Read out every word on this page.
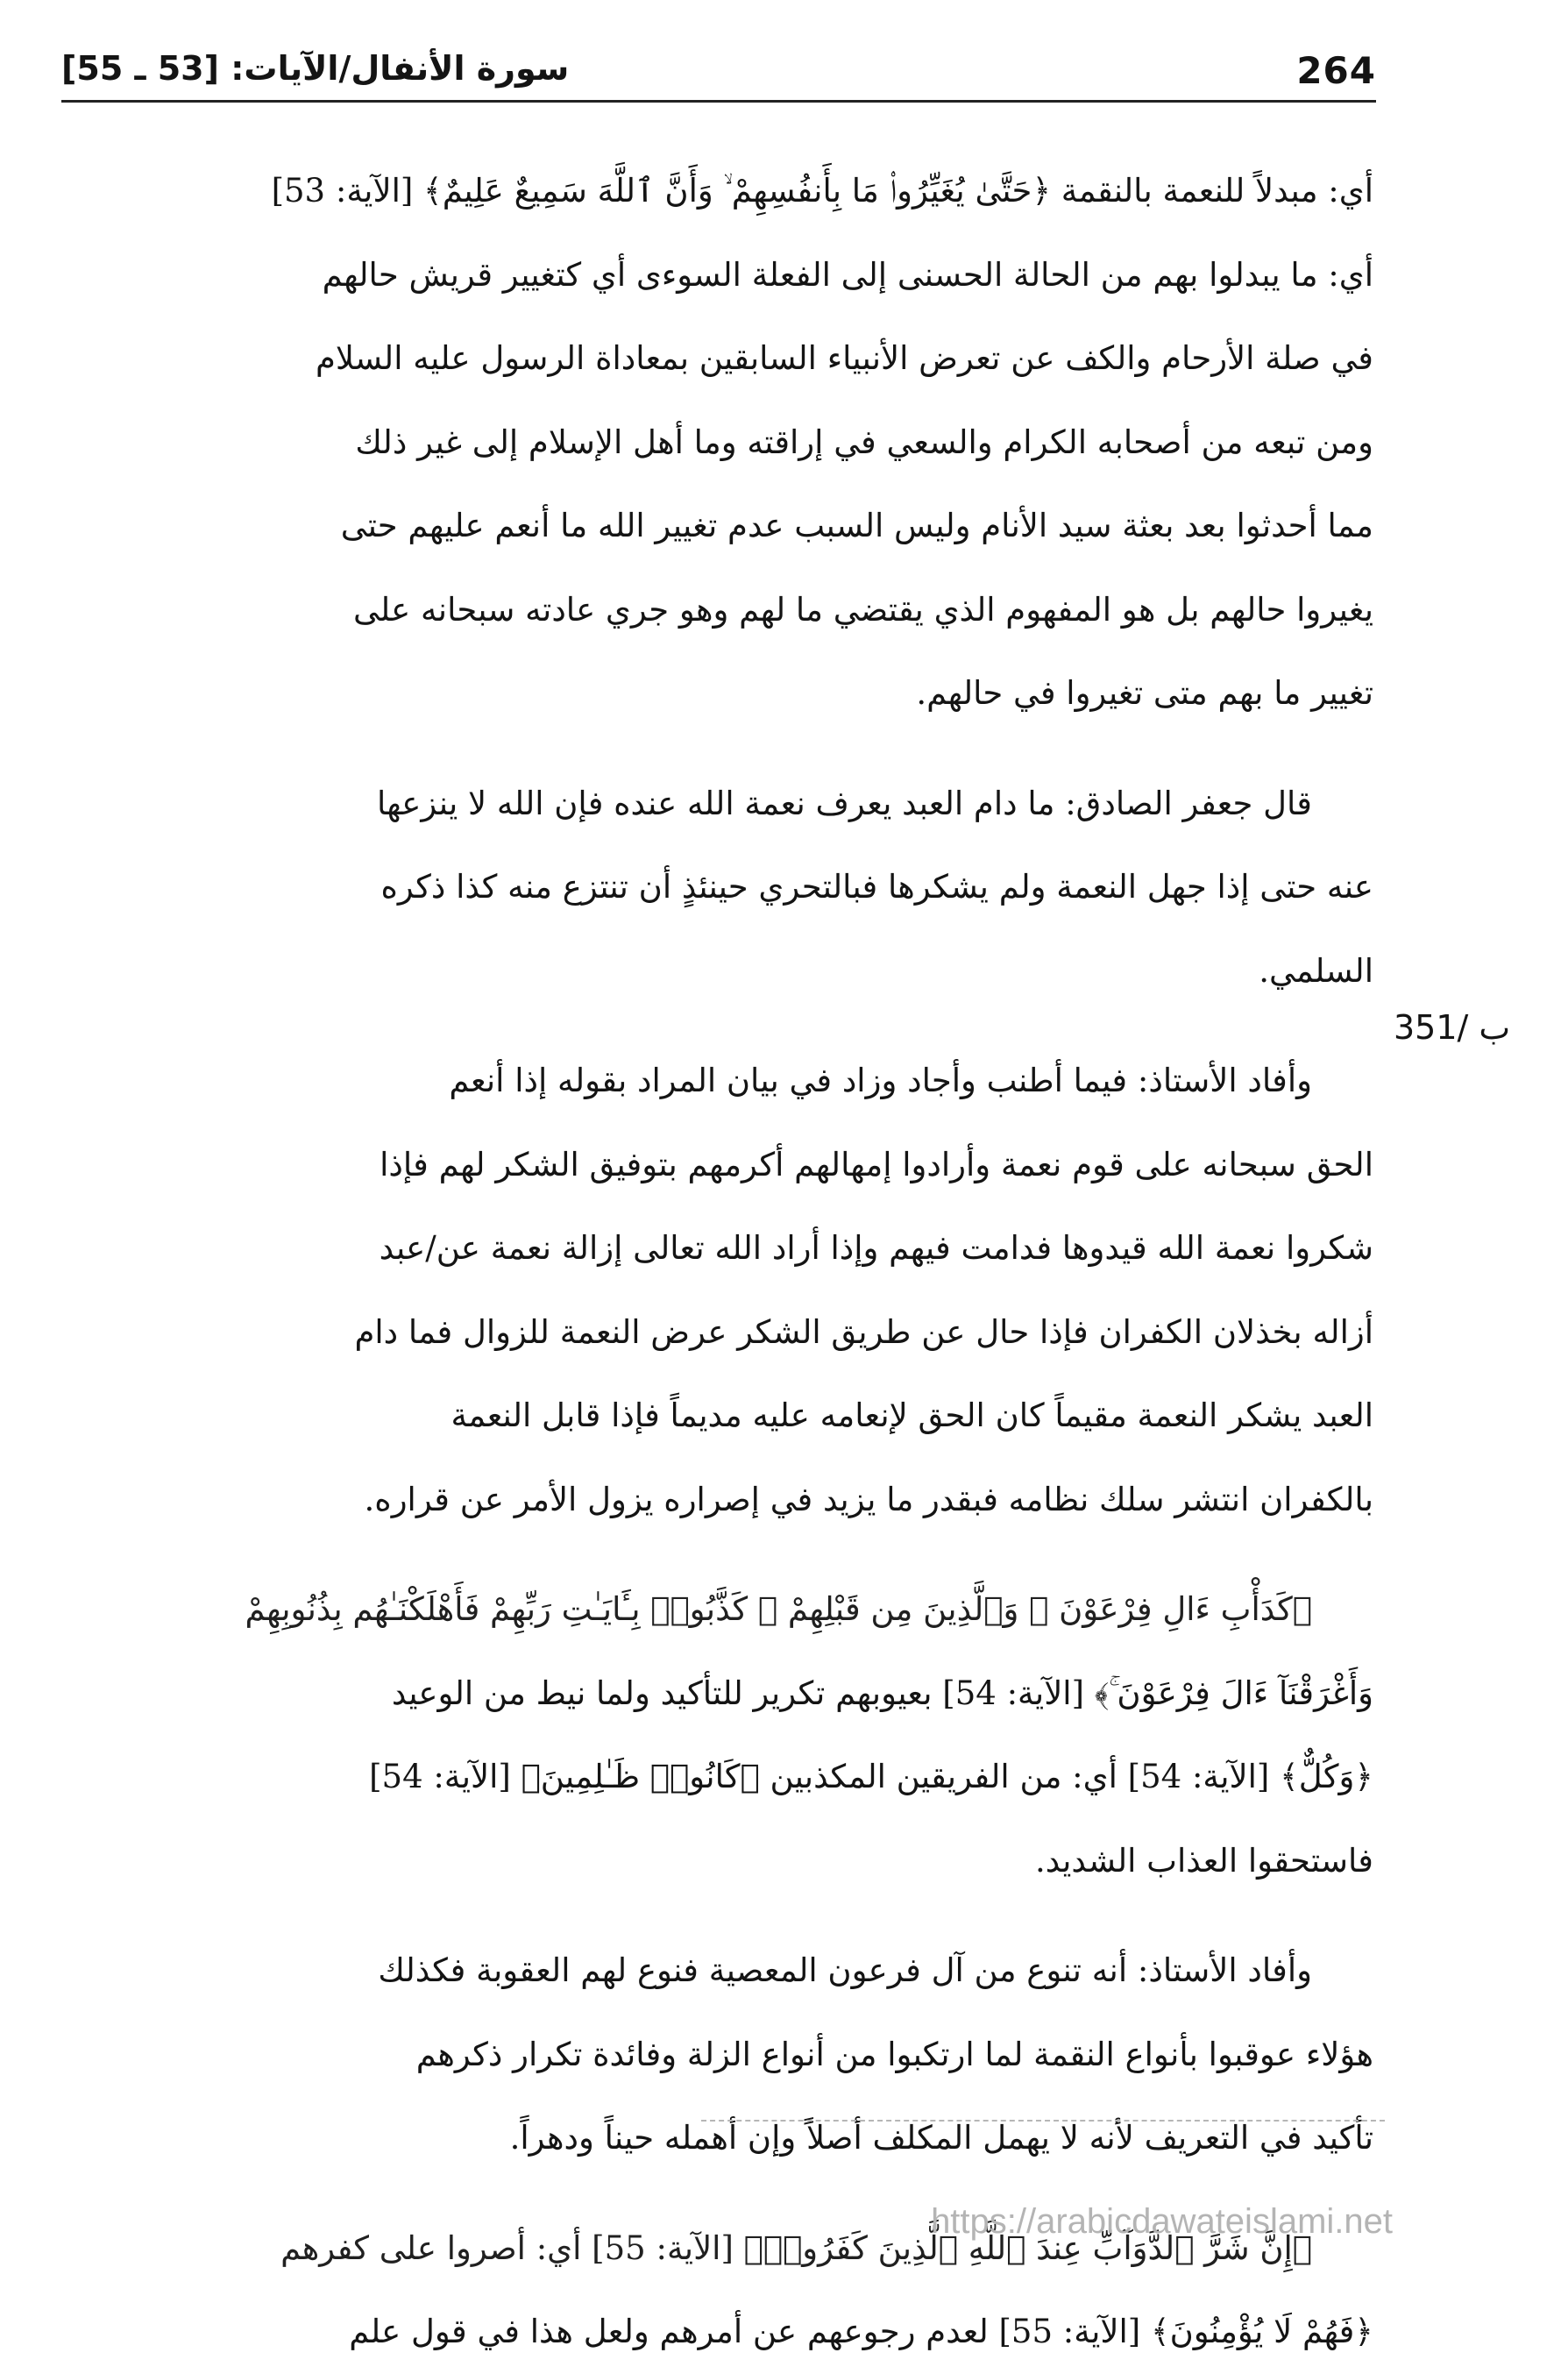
سورة الأنفال/الآيات: [53 ـ 55]	264
351/ ب
أي: مبدلاً للنعمة بالنقمة ﴿حَتَّىٰ يُغَيِّرُوا۟ مَا بِأَنفُسِهِمْ ۙ وَأَنَّ ٱللَّهَ سَمِيعٌ عَلِيمٌ﴾ [الآية: 53]
أي: ما يبدلوا بهم من الحالة الحسنى إلى الفعلة السوءى أي كتغيير قريش حالهم
في صلة الأرحام والكف عن تعرض الأنبياء السابقين بمعاداة الرسول عليه السلام
ومن تبعه من أصحابه الكرام والسعي في إراقته وما أهل الإسلام إلى غير ذلك
مما أحدثوا بعد بعثة سيد الأنام وليس السبب عدم تغيير الله ما أنعم عليهم حتى
يغيروا حالهم بل هو المفهوم الذي يقتضي ما لهم وهو جري عادته سبحانه على
تغيير ما بهم متى تغيروا في حالهم.
قال جعفر الصادق: ما دام العبد يعرف نعمة الله عنده فإن الله لا ينزعها
عنه حتى إذا جهل النعمة ولم يشكرها فبالتحري حينئذٍ أن تنتزع منه كذا ذكره
السلمي.
وأفاد الأستاذ: فيما أطنب وأجاد وزاد في بيان المراد بقوله إذا أنعم
الحق سبحانه على قوم نعمة وأرادوا إمهالهم أكرمهم بتوفيق الشكر لهم فإذا
شكروا نعمة الله قيدوها فدامت فيهم وإذا أراد الله تعالى إزالة نعمة عن/عبد
أزاله بخذلان الكفران فإذا حال عن طريق الشكر عرض النعمة للزوال فما دام
العبد يشكر النعمة مقيماً كان الحق لإنعامه عليه مديماً فإذا قابل النعمة
بالكفران انتشر سلك نظامه فبقدر ما يزيد في إصراره يزول الأمر عن قراره.
﴿كَدَأْبِ ءَالِ فِرْعَوْنَ ۙ وَٱلَّذِينَ مِن قَبْلِهِمْ ۚ كَذَّبُوا۟ بِـَٔايَـٰتِ رَبِّهِمْ فَأَهْلَكْنَـٰهُم بِذُنُوبِهِمْ
وَأَغْرَقْنَآ ءَالَ فِرْعَوْنَ ۚ﴾ [الآية: 54] بعيوبهم تكرير للتأكيد ولما نيط من الوعيد
﴿وَكُلٌّ﴾ [الآية: 54] أي: من الفريقين المكذبين ﴿كَانُوا۟ ظَـٰلِمِينَ﴾ [الآية: 54]
فاستحقوا العذاب الشديد.
وأفاد الأستاذ: أنه تنوع من آل فرعون المعصية فنوع لهم العقوبة فكذلك
هؤلاء عوقبوا بأنواع النقمة لما ارتكبوا من أنواع الزلة وفائدة تكرار ذكرهم
تأكيد في التعريف لأنه لا يهمل المكلف أصلاً وإن أهمله حيناً ودهراً.
﴿إِنَّ شَرَّ ٱلدَّوَآبِّ عِندَ ٱللَّهِ ٱلَّذِينَ كَفَرُوا۟﴾ [الآية: 55] أي: أصروا على كفرهم
﴿فَهُمْ لَا يُؤْمِنُونَ﴾ [الآية: 55] لعدم رجوعهم عن أمرهم ولعل هذا في قول علم
https://arabicdawateislami.net
